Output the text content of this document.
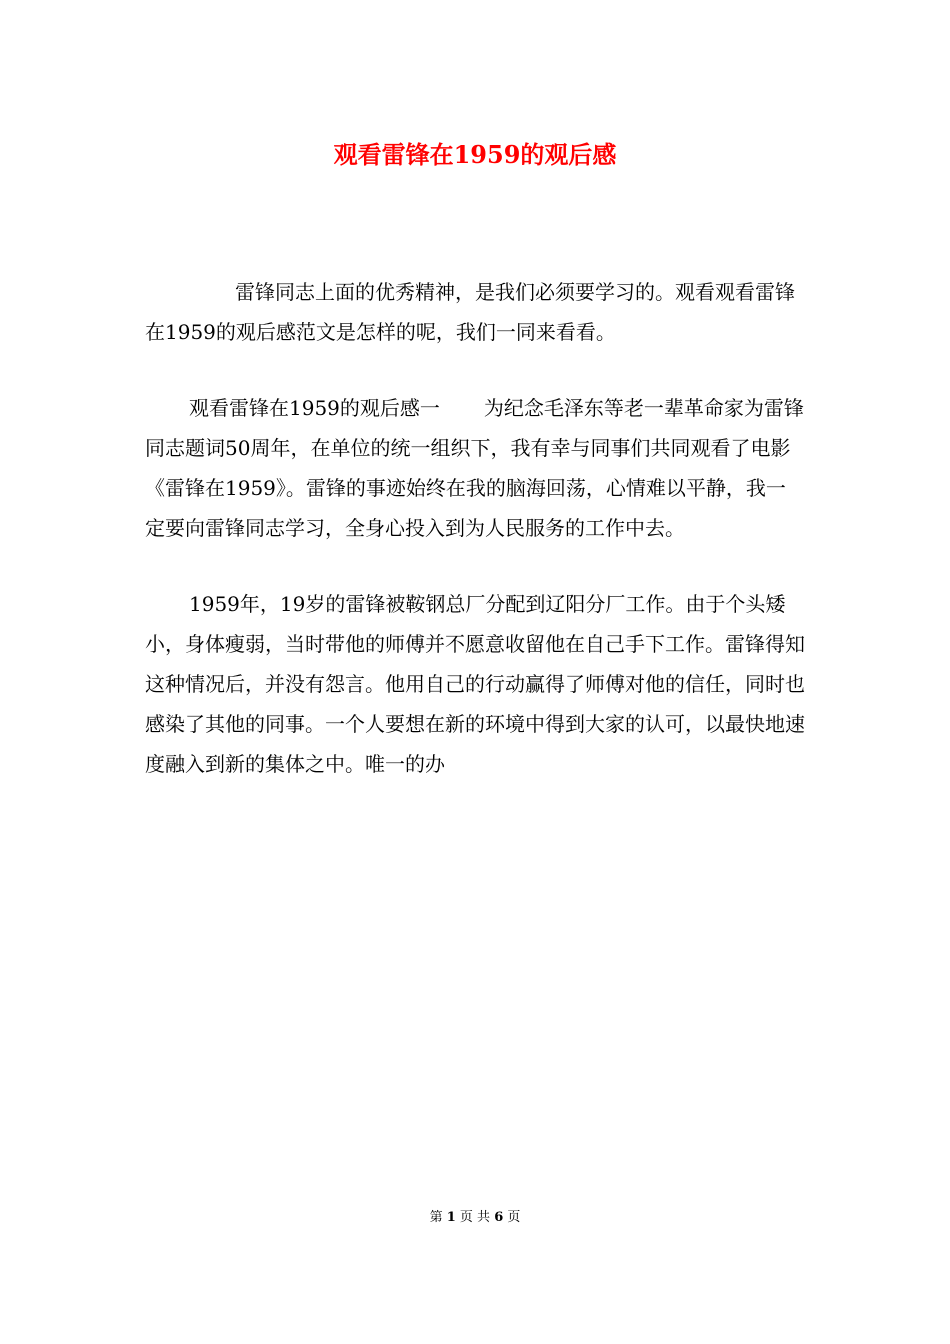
观看雷锋在1959的观后感

雷锋同志上面的优秀精神，是我们必须要学习的。观看观看雷锋在1959的观后感范文是怎样的呢，我们一同来看看。

观看雷锋在1959的观后感一 为纪念毛泽东等老一辈革命家为雷锋同志题词50周年，在单位的统一组织下，我有幸与同事们共同观看了电影《雷锋在1959》。雷锋的事迹始终在我的脑海回荡，心情难以平静，我一定要向雷锋同志学习，全身心投入到为人民服务的工作中去。

1959年，19岁的雷锋被鞍钢总厂分配到辽阳分厂工作。由于个头矮小，身体瘦弱，当时带他的师傅并不愿意收留他在自己手下工作。雷锋得知这种情况后，并没有怨言。他用自己的行动赢得了师傅对他的信任，同时也感染了其他的同事。一个人要想在新的环境中得到大家的认可，以最快地速度融入到新的集体之中。唯一的办

第 1 页 共 6 页
